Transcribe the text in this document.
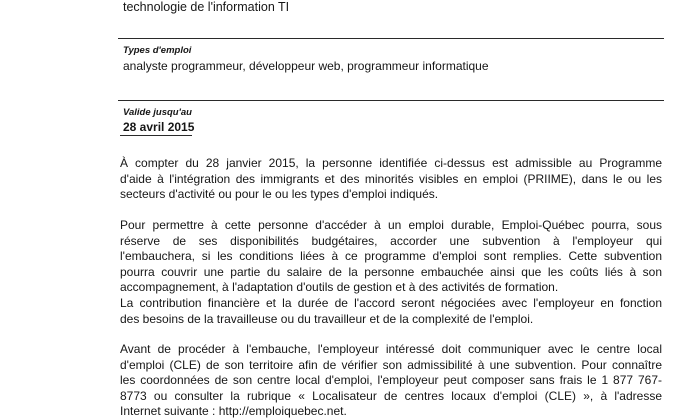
technologie de l'information TI
Types d'emploi
analyste programmeur, développeur web, programmeur informatique
Valide jusqu'au
28 avril 2015
À compter du 28 janvier 2015, la personne identifiée ci-dessus est admissible au Programme
d'aide à l'intégration des immigrants et des minorités visibles en emploi (PRIIME), dans le ou les
secteurs d'activité ou pour le ou les types d'emploi indiqués.
Pour permettre à cette personne d'accéder à un emploi durable, Emploi-Québec pourra, sous
réserve de ses disponibilités budgétaires, accorder une subvention à l'employeur qui
l'embauchera, si les conditions liées à ce programme d'emploi sont remplies. Cette subvention
pourra couvrir une partie du salaire de la personne embauchée ainsi que les coûts liés à son
accompagnement, à l'adaptation d'outils de gestion et à des activités de formation.
La contribution financière et la durée de l'accord seront négociées avec l'employeur en fonction
des besoins de la travailleuse ou du travailleur et de la complexité de l'emploi.
Avant de procéder à l'embauche, l'employeur intéressé doit communiquer avec le centre local
d'emploi (CLE) de son territoire afin de vérifier son admissibilité à une subvention. Pour connaître
les coordonnées de son centre local d'emploi, l'employeur peut composer sans frais le 1 877 767-
8773 ou consulter la rubrique « Localisateur de centres locaux d'emploi (CLE) », à l'adresse
Internet suivante : http://emploiquebec.net.
